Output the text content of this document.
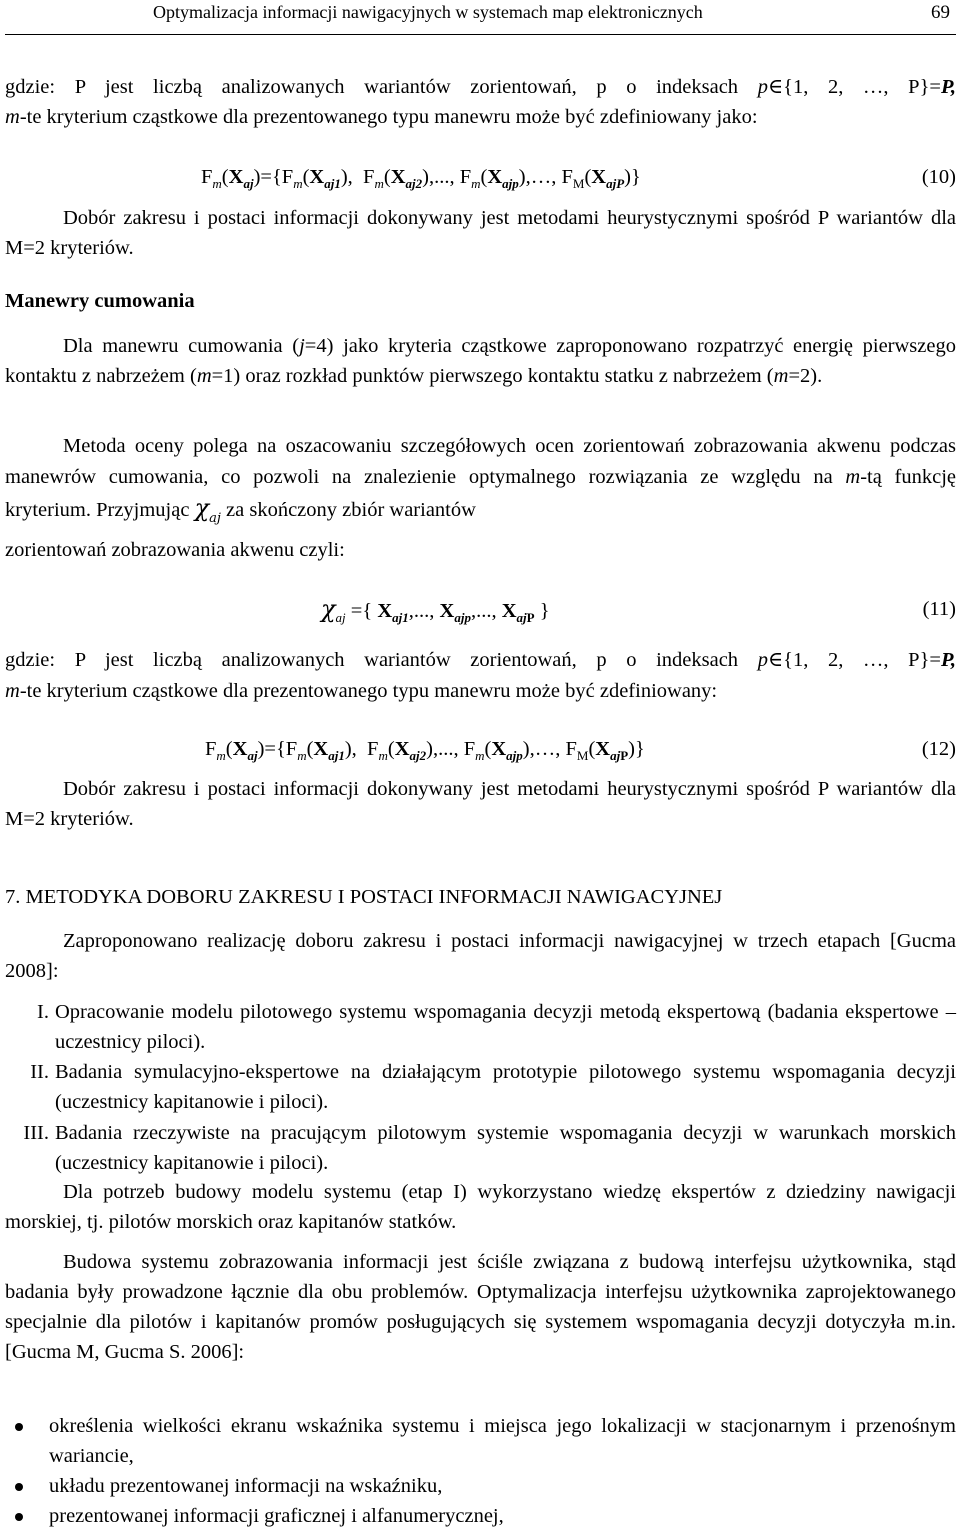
Optymalizacja informacji nawigacyjnych w systemach map elektronicznych	69
gdzie: P jest liczbą analizowanych wariantów zorientowań, p o indeksach p∈{1, 2, …, P}=P,
m-te kryterium cząstkowe dla prezentowanego typu manewru może być zdefiniowany jako:
$F_m(X_{aj})=\{F_m(X_{aj1})$,  $F_m(X_{aj2})$,..., $F_m(X_{ajp}),\dots$, $F_M(X_{ajP})$}	(10)
Dobór zakresu i postaci informacji dokonywany jest metodami heurystycznymi spośród P wariantów dla M=2 kryteriów.
Manewry cumowania
Dla manewru cumowania (j=4) jako kryteria cząstkowe zaproponowano rozpatrzyć energię pierwszego kontaktu z nabrzeżem (m=1) oraz rozkład punktów pierwszego kontaktu statku z nabrzeżem (m=2).
Metoda oceny polega na oszacowaniu szczegółowych ocen zorientowań zobrazowania akwenu podczas manewrów cumowania, co pozwoli na znalezienie optymalnego rozwiązania ze względu na m-tą funkcję kryterium. Przyjmując $\chi_{aj}$ za skończony zbiór wariantów
zorientowań zobrazowania akwenu czyli:
$\chi_{aj}$ ={ $X_{aj1}$,..., $X_{ajp}$,..., $X_{ajP}$ }	(11)
gdzie: P jest liczbą analizowanych wariantów zorientowań, p o indeksach p∈{1, 2, …, P}=P,
m-te kryterium cząstkowe dla prezentowanego typu manewru może być zdefiniowany:
$F_m(X_{aj})=\{F_m(X_{aj1})$,  $F_m(X_{aj2})$,..., $F_m(X_{ajp}),\dots$, $F_M(X_{ajP})$}	(12)
Dobór zakresu i postaci informacji dokonywany jest metodami heurystycznymi spośród P wariantów dla M=2 kryteriów.
7. METODYKA DOBORU ZAKRESU I POSTACI INFORMACJI NAWIGACYJNEJ
Zaproponowano realizację doboru zakresu i postaci informacji nawigacyjnej w trzech etapach [Gucma 2008]:
I. Opracowanie modelu pilotowego systemu wspomagania decyzji metodą ekspertową (badania ekspertowe – uczestnicy piloci).
II. Badania symulacyjno-ekspertowe na działającym prototypie pilotowego systemu wspomagania decyzji (uczestnicy kapitanowie i piloci).
III. Badania rzeczywiste na pracującym pilotowym systemie wspomagania decyzji w warunkach morskich (uczestnicy kapitanowie i piloci).
Dla potrzeb budowy modelu systemu (etap I) wykorzystano wiedzę ekspertów z dziedziny nawigacji morskiej, tj. pilotów morskich oraz kapitanów statków.
Budowa systemu zobrazowania informacji jest ściśle związana z budową interfejsu użytkownika, stąd badania były prowadzone łącznie dla obu problemów. Optymalizacja interfejsu użytkownika zaprojektowanego specjalnie dla pilotów i kapitanów promów posługujących się systemem wspomagania decyzji dotyczyła m.in.[Gucma M, Gucma S. 2006]:
określenia wielkości ekranu wskaźnika systemu i miejsca jego lokalizacji w stacjonarnym i przenośnym wariancie,
układu prezentowanej informacji na wskaźniku,
prezentowanej informacji graficznej i alfanumerycznej,
